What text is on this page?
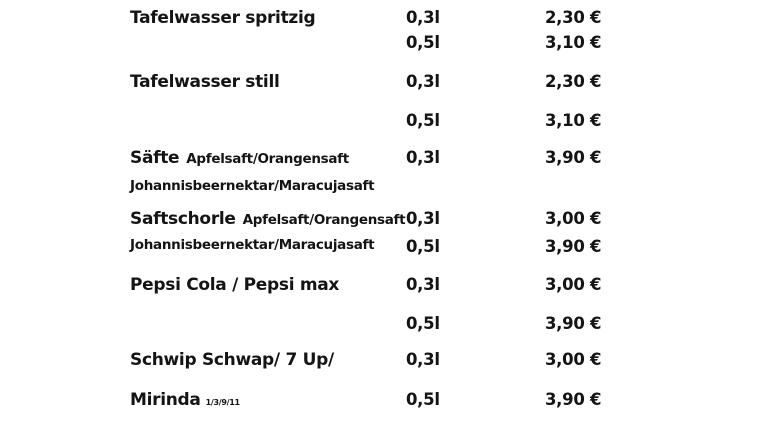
Tafelwasser spritzig	0,3l	2,30 €
0,5l	3,10 €
Tafelwasser still	0,3l	2,30 €
0,5l	3,10 €
Säfte Apfelsaft/Orangensaft	0,3l	3,90 €
Johannisbeernektar/Maracujasaft
Saftschorle Apfelsaft/Orangensaft 0,3l	3,00 €
Johannisbeernektar/Maracujasaft 0,5l	3,90 €
Pepsi Cola / Pepsi max	0,3l	3,00 €
0,5l	3,90 €
Schwip Schwap/ 7 Up/	0,3l	3,00 €
Mirinda 1/3/9/11	0,5l	3,90 €
